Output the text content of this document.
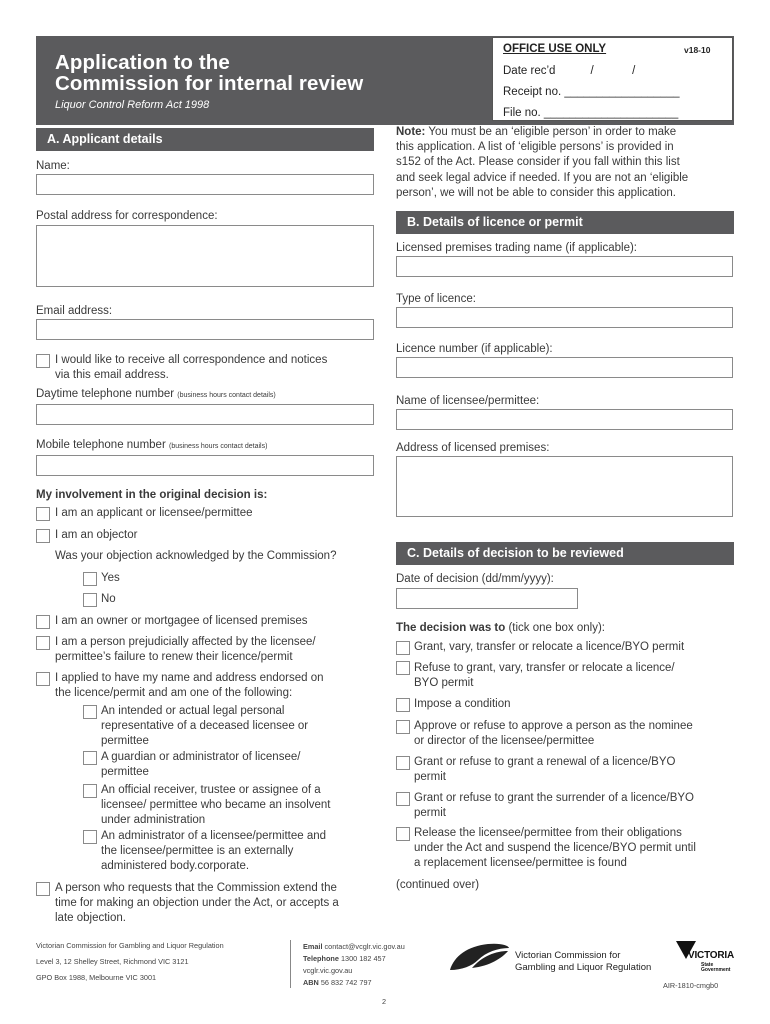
Application to the
Commission for internal review
Liquor Control Reform Act 1998
OFFICE USE ONLY	v18-10
Date rec’d           /            /
Receipt no. __________________
File no. _____________________
A. Applicant details
Name:
Postal address for correspondence:
Email address:
I would like to receive all correspondence and notices
via this email address.
Daytime telephone number (business hours contact details)
Mobile telephone number (business hours contact details)
My involvement in the original decision is:
I am an applicant or licensee/permittee
I am an objector
Was your objection acknowledged by the Commission?
Yes
No
I am an owner or mortgagee of licensed premises
I am a person prejudicially affected by the licensee/
permittee’s failure to renew their licence/permit
I applied to have my name and address endorsed on
the licence/permit and am one of the following:
An intended or actual legal personal
representative of a deceased licensee or
permittee
A guardian or administrator of licensee/
permittee
An official receiver, trustee or assignee of a
licensee/ permittee who became an insolvent
under administration
An administrator of a licensee/permittee and
the licensee/permittee is an externally
administered body.corporate.
A person who requests that the Commission extend the
time for making an objection under the Act, or accepts a
late objection.
Note: You must be an ‘eligible person’ in order to make
this application. A list of ‘eligible persons’ is provided in
s152 of the Act. Please consider if you fall within this list
and seek legal advice if needed. If you are not an ‘eligible
person’, we will not be able to consider this application.
B. Details of licence or permit
Licensed premises trading name (if applicable):
Type of licence:
Licence number (if applicable):
Name of licensee/permittee:
Address of licensed premises:
C. Details of decision to be reviewed
Date of decision (dd/mm/yyyy):
The decision was to (tick one box only):
Grant, vary, transfer or relocate a licence/BYO permit
Refuse to grant, vary, transfer or relocate a licence/
BYO permit
Impose a condition
Approve or refuse to approve a person as the nominee
or director of the licensee/permittee
Grant or refuse to grant a renewal of a licence/BYO
permit
Grant or refuse to grant the surrender of a licence/BYO
permit
Release the licensee/permittee from their obligations
under the Act and suspend the licence/BYO permit until
a replacement licensee/permittee is found
(continued over)
Victorian Commission for Gambling and Liquor Regulation
Level 3, 12 Shelley Street, Richmond VIC 3121
GPO Box 1988, Melbourne VIC 3001
Email contact@vcglr.vic.gov.au
Telephone 1300 182 457
vcglr.vic.gov.au
ABN 56 832 742 797
Victorian Commission for
Gambling and Liquor Regulation
VICTORIA
State
Government
AIR-1810-cmgb0
2
